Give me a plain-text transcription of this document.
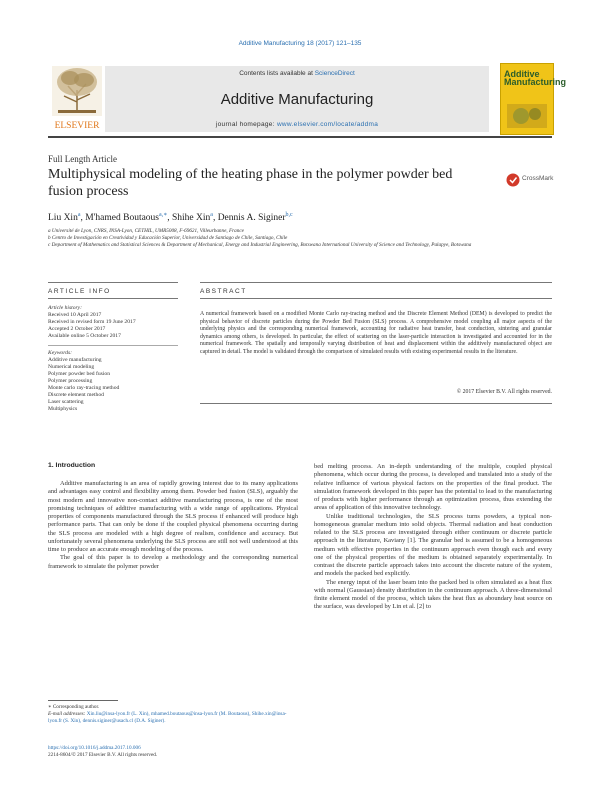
Additive Manufacturing 18 (2017) 121–135
ELSEVIER
Contents lists available at ScienceDirect
Additive Manufacturing
journal homepage: www.elsevier.com/locate/addma
Additive Manufacturing
Full Length Article
Multiphysical modeling of the heating phase in the polymer powder bed fusion process
CrossMark
Liu Xin$^a$, M'hamed Boutaous$^{a,∗}$, Shihe Xin$^a$, Dennis A. Siginer$^{b,c}$
a Université de Lyon, CNRS, INSA-Lyon, CETHIL, UMR5008, F-69621, Villeurbanne, France
b Centro de Investigación en Creatividad y Educación Superior, Universidad de Santiago de Chile, Santiago, Chile
c Department of Mathematics and Statistical Sciences & Department of Mechanical, Energy and Industrial Engineering, Botswana International University of Science and Technology, Palapye, Botswana
ARTICLE INFO	ABSTRACT
Article history:
Received 10 April 2017
Received in revised form 19 June 2017
Accepted 2 October 2017
Available online 5 October 2017
Keywords:
Additive manufacturing
Numerical modeling
Polymer powder bed fusion
Polymer processing
Monte carlo ray-tracing method
Discrete element method
Laser scattering
Multiphysics
A numerical framework based on a modified Monte Carlo ray-tracing method and the Discrete Element Method (DEM) is developed to predict the physical behavior of discrete particles during the Powder Bed Fusion (SLS) process. A comprehensive model coupling all major aspects of the underlying physics and the corresponding numerical framework, accounting for radiative heat transfer, heat conduction, sintering and granular dynamics among others, is developed. In particular, the effect of scattering on the laser-particle interaction is investigated and accounted for in the numerical framework. The spatially and temporally varying distribution of heat and displacement within the additively manufactured object are captured in detail. The model is validated through the comparison of simulated results with existing experimental results in the literature.
© 2017 Elsevier B.V. All rights reserved.
1. Introduction

Additive manufacturing is an area of rapidly growing interest due to its many applications and advantages easy control and flexibility among them. Powder bed fusion (SLS), arguably the most modern and innovative non-contact additive manufacturing process, is one of the most promising techniques of additive manufacturing with a wide range of applications. Physical properties of components manufactured through the SLS process if enhanced will produce high performance parts. That can only be done if the coupled physical phenomena occurring during the SLS process are modeled with a high degree of realism, confidence and accuracy. But unfortunately several phenomena underlying the SLS process are still not well understood at this time to produce an accurate enough modeling of the process.

The goal of this paper is to develop a methodology and the corresponding numerical framework to simulate the polymer powder

bed melting process. An in-depth understanding of the multiple, coupled physical phenomena, which occur during the process, is developed and translated into a study of the relative influence of various physical factors on the properties of the final product. The simulation framework developed in this paper has the potential to lead to the manufacturing of products with higher performance through an optimization process, thus extending the areas of application of this innovative technology.

Unlike traditional technologies, the SLS process turns powders, a typical non-homogeneous granular medium into solid objects. Thermal radiation and heat conduction related to the SLS process are investigated through either continuum or discrete particle approach in the literature, Kaviany [1]. The granular bed is assumed to be a homogeneous medium with effective properties in the continuum approach even though each and every one of the physical properties of the medium is obtained separately experimentally. In contrast the discrete particle approach takes into account the discrete nature of the system, and models the packed bed explicitly.

The energy input of the laser beam into the packed bed is often simulated as a heat flux with normal (Gaussian) density distribution in the continuum approach. A three-dimensional finite element model of the process, which takes the heat flux as aboundary heat source on the surface, was developed by Lin et al. [2] to

∗ Corresponding author.
E-mail addresses: Xin.liu@insa-lyon.fr (L. Xin), mhamed.boutaous@insa-lyon.fr (M. Boutaous), Shihe.xin@insa-lyon.fr (S. Xin), dennis.siginer@usach.cl (D.A. Siginer).
https://doi.org/10.1016/j.addma.2017.10.006
2214-8604/© 2017 Elsevier B.V. All rights reserved.
